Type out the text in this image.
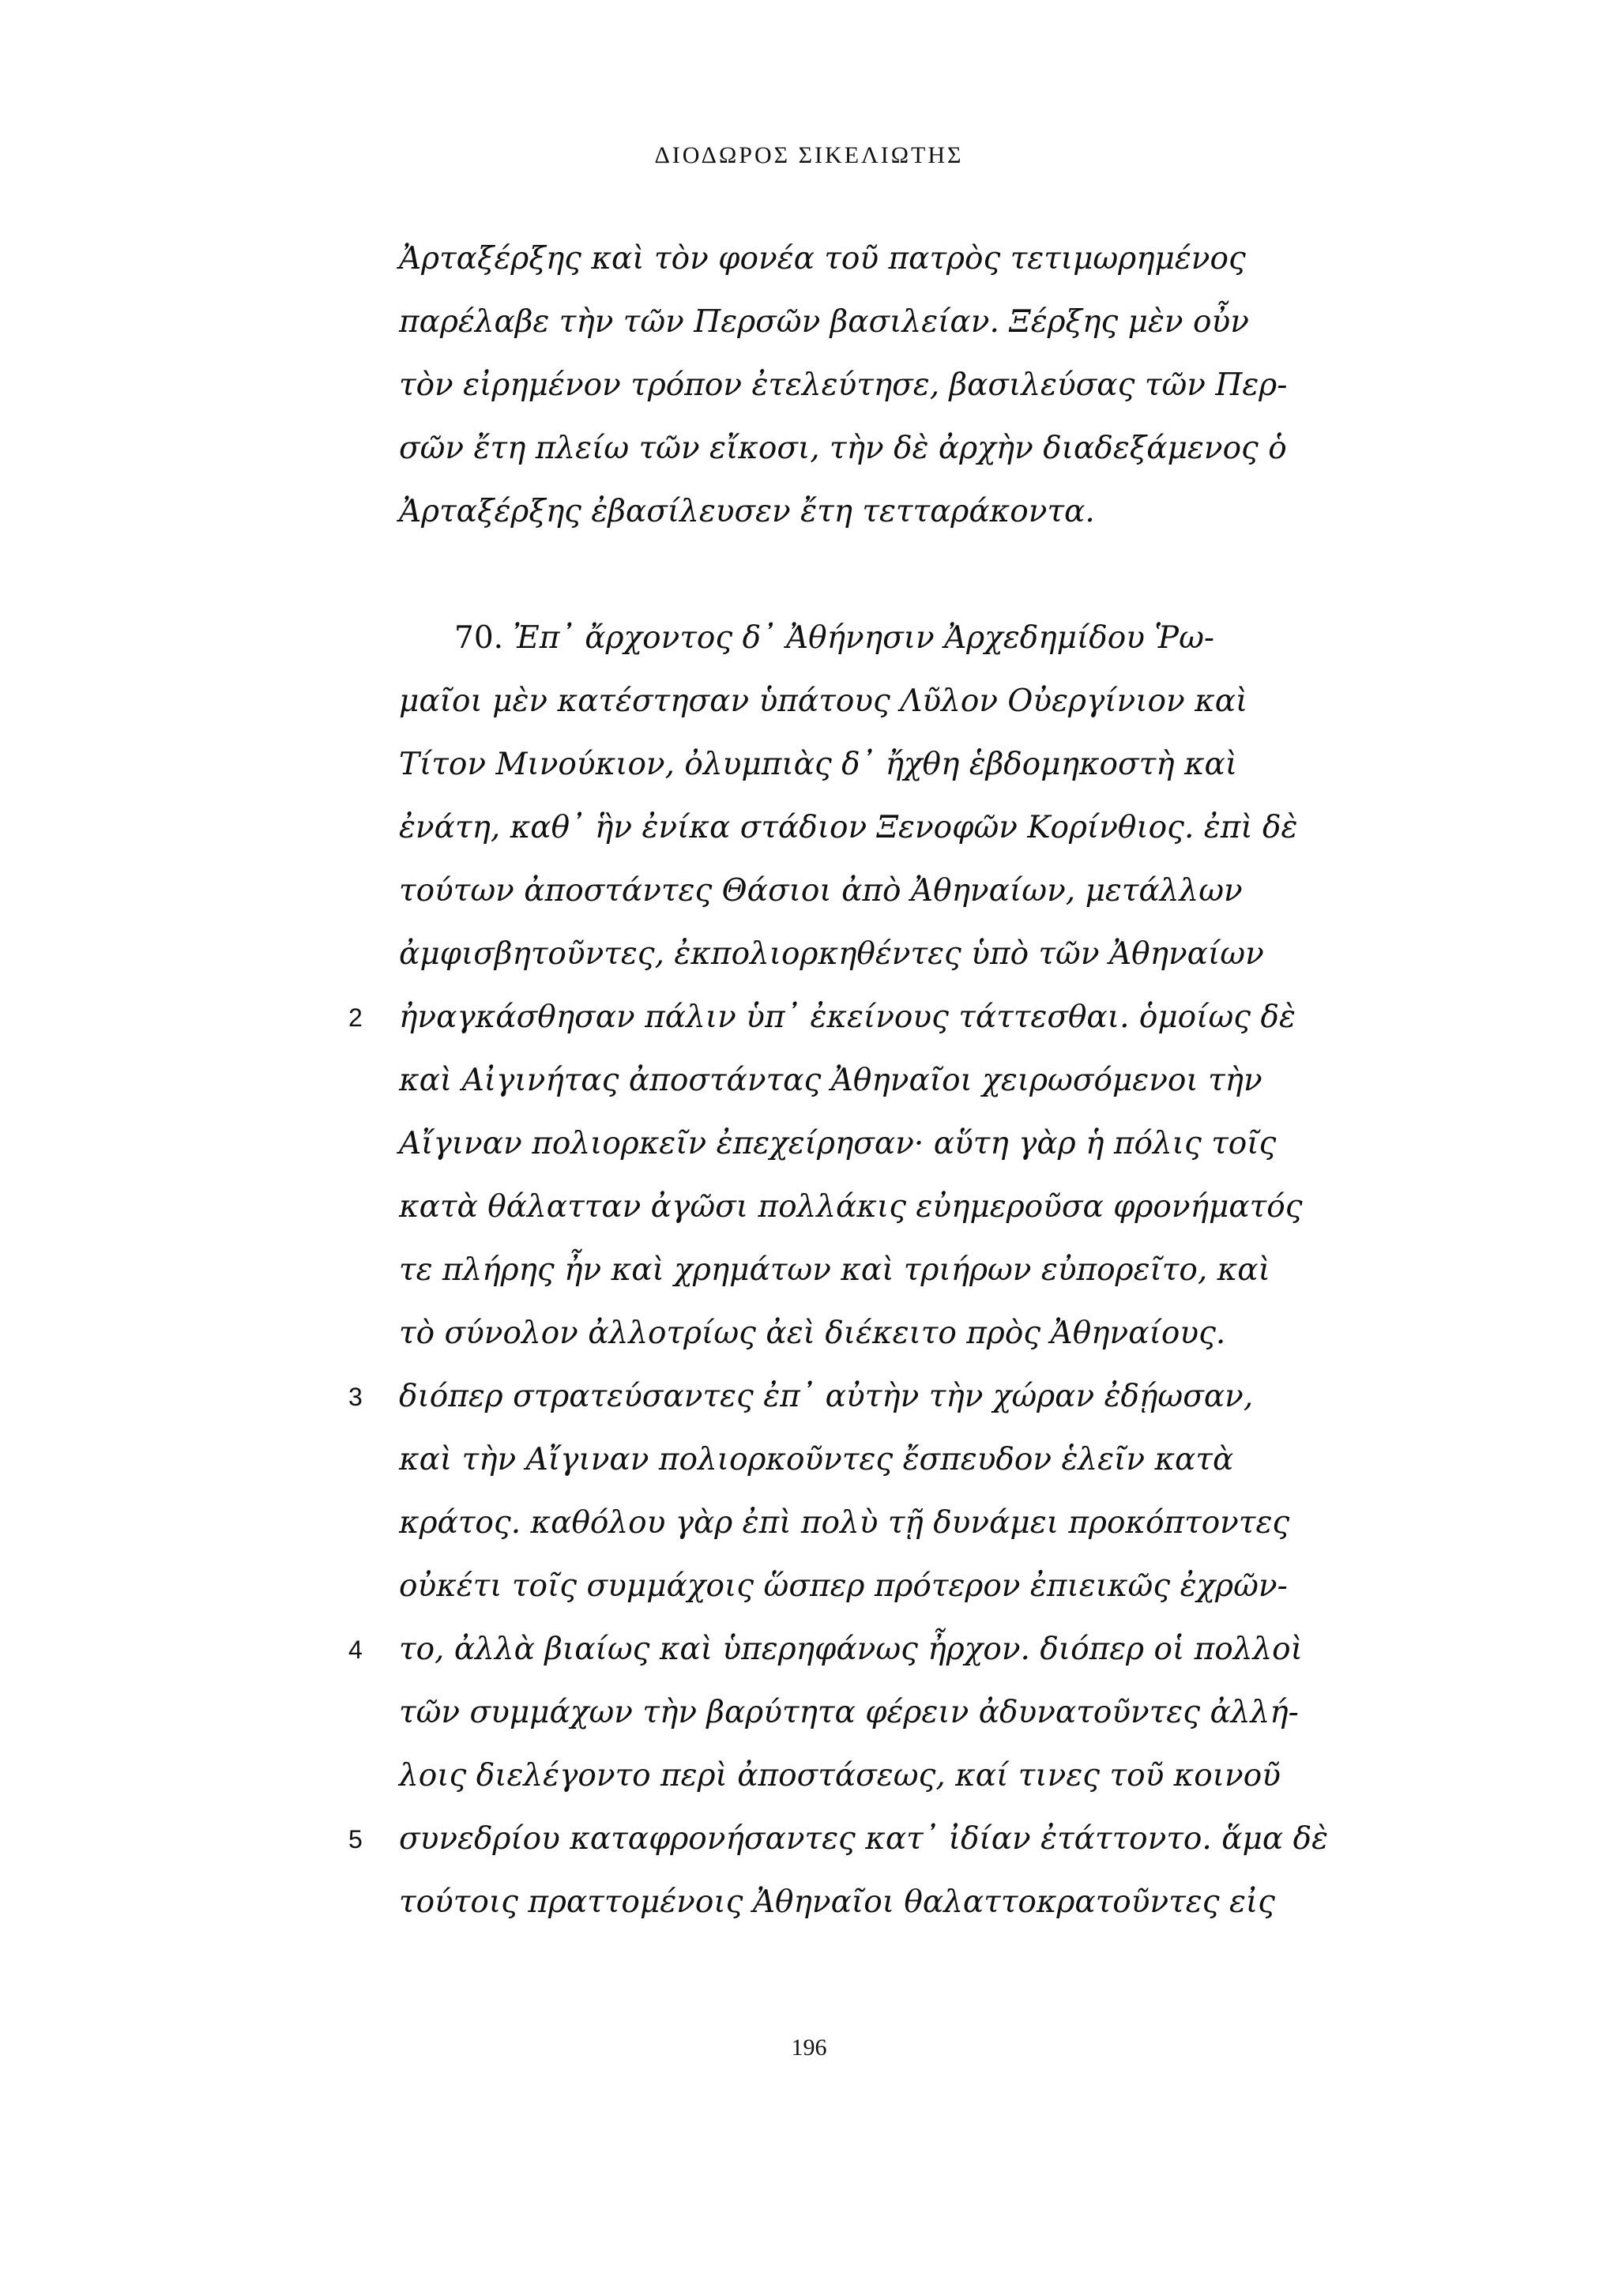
ΔΙΟΔΩΡΟΣ ΣΙΚΕΛΙΩΤΗΣ
Ἀρταξέρξης καὶ τὸν φονέα τοῦ πατρὸς τετιμωρημένος
παρέλαβε τὴν τῶν Περσῶν βασιλείαν. Ξέρξης μὲν οὖν
τὸν εἰρημένον τρόπον ἐτελεύτησε, βασιλεύσας τῶν Περ-
σῶν ἔτη πλείω τῶν εἴκοσι, τὴν δὲ ἀρχὴν διαδεξάμενος ὁ
Ἀρταξέρξης ἐβασίλευσεν ἔτη τετταράκοντα.
70. Ἐπ᾽ ἄρχοντος δ᾽ Ἀθήνησιν Ἀρχεδημίδου Ῥω-
μαῖοι μὲν κατέστησαν ὑπάτους Λῦλον Οὐεργίνιον καὶ
Τίτον Μινούκιον, ὀλυμπιὰς δ᾽ ἤχθη ἑβδομηκοστὴ καὶ
ἐνάτη, καθ᾽ ἣν ἐνίκα στάδιον Ξενοφῶν Κορίνθιος. ἐπὶ δὲ
τούτων ἀποστάντες Θάσιοι ἀπὸ Ἀθηναίων, μετάλλων
ἀμφισβητοῦντες, ἐκπολιορκηθέντες ὑπὸ τῶν Ἀθηναίων
2 ἠναγκάσθησαν πάλιν ὑπ᾽ ἐκείνους τάττεσθαι. ὁμοίως δὲ
καὶ Αἰγινήτας ἀποστάντας Ἀθηναῖοι χειρωσόμενοι τὴν
Αἴγιναν πολιορκεῖν ἐπεχείρησαν· αὕτη γὰρ ἡ πόλις τοῖς
κατὰ θάλατταν ἀγῶσι πολλάκις εὐημεροῦσα φρονήματός
τε πλήρης ἦν καὶ χρημάτων καὶ τριήρων εὐπορεῖτο, καὶ
τὸ σύνολον ἀλλοτρίως ἀεὶ διέκειτο πρὸς Ἀθηναίους.
3 διόπερ στρατεύσαντες ἐπ᾽ αὐτὴν τὴν χώραν ἐδῄωσαν,
καὶ τὴν Αἴγιναν πολιορκοῦντες ἔσπευδον ἑλεῖν κατὰ
κράτος. καθόλου γὰρ ἐπὶ πολὺ τῇ δυνάμει προκόπτοντες
οὐκέτι τοῖς συμμάχοις ὥσπερ πρότερον ἐπιεικῶς ἐχρῶν-
4 το, ἀλλὰ βιαίως καὶ ὑπερηφάνως ἦρχον. διόπερ οἱ πολλοὶ
τῶν συμμάχων τὴν βαρύτητα φέρειν ἀδυνατοῦντες ἀλλή-
λοις διελέγοντο περὶ ἀποστάσεως, καί τινες τοῦ κοινοῦ
5 συνεδρίου καταφρονήσαντες κατ᾽ ἰδίαν ἐτάττοντο. ἅμα δὲ
τούτοις πραττομένοις Ἀθηναῖοι θαλαττοκρατοῦντες εἰς
196
